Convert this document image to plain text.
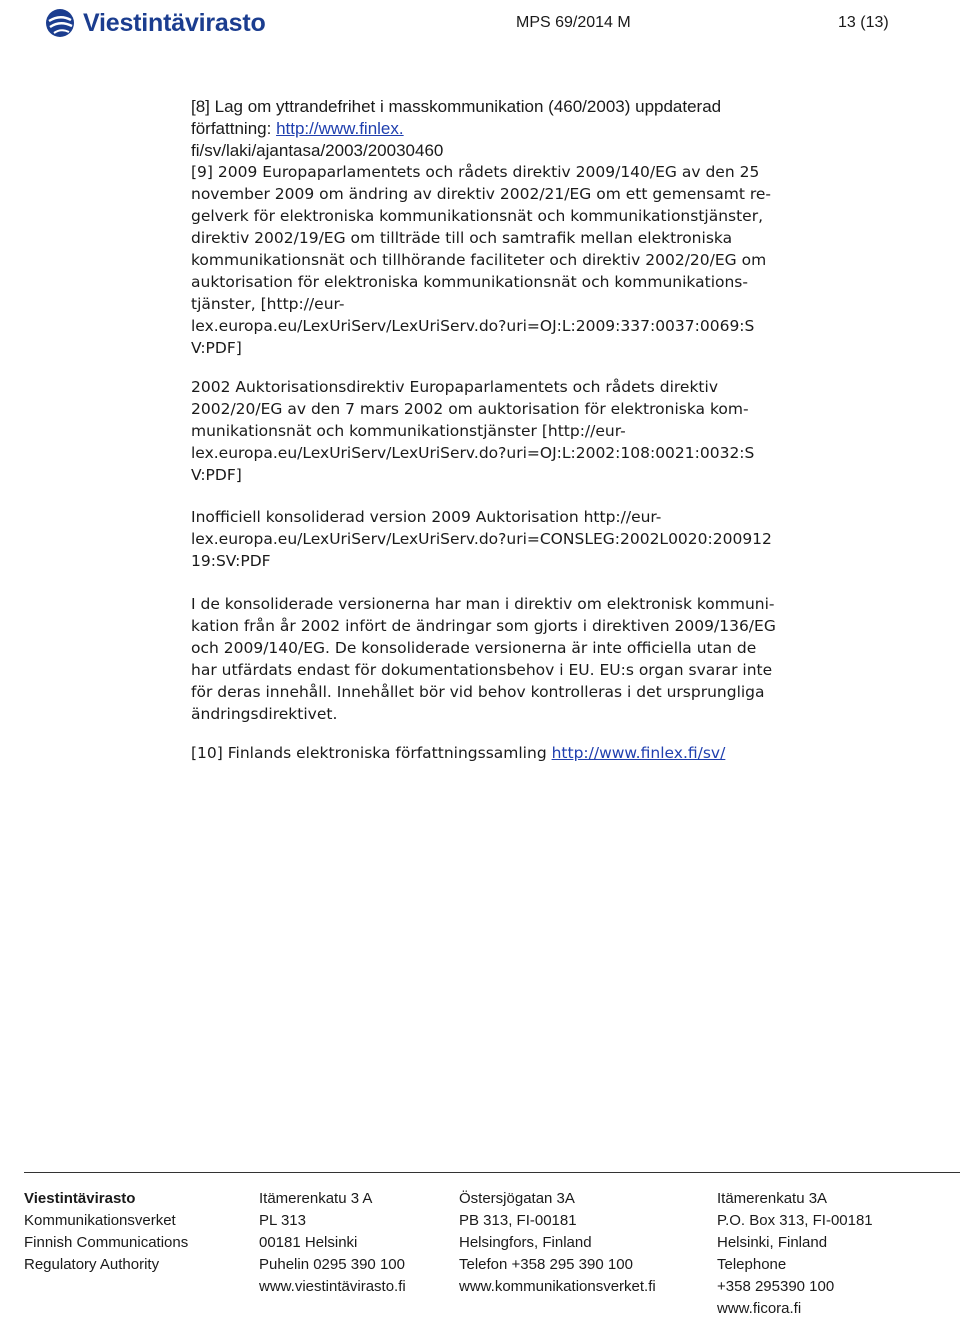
Viestintävirasto	MPS 69/2014 M	13 (13)
[8] Lag om yttrandefrihet i masskommunikation (460/2003) uppdaterad
författning: http://www.finlex.
fi/sv/laki/ajantasa/2003/20030460
[9] 2009 Europaparlamentets och rådets direktiv 2009/140/EG av den 25
november 2009 om ändring av direktiv 2002/21/EG om ett gemensamt re-
gelverk för elektroniska kommunikationsnät och kommunikationstjänster,
direktiv 2002/19/EG om tillträde till och samtrafik mellan elektroniska
kommunikationsnät och tillhörande faciliteter och direktiv 2002/20/EG om
auktorisation för elektroniska kommunikationsnät och kommunikations-
tjänster, [http://eur-
lex.europa.eu/LexUriServ/LexUriServ.do?uri=OJ:L:2009:337:0037:0069:S
V:PDF]
2002 Auktorisationsdirektiv Europaparlamentets och rådets direktiv
2002/20/EG av den 7 mars 2002 om auktorisation för elektroniska kom-
munikationsnät och kommunikationstjänster [http://eur-
lex.europa.eu/LexUriServ/LexUriServ.do?uri=OJ:L:2002:108:0021:0032:S
V:PDF]
Inofficiell konsoliderad version 2009 Auktorisation http://eur-
lex.europa.eu/LexUriServ/LexUriServ.do?uri=CONSLEG:2002L0020:200912
19:SV:PDF
I de konsoliderade versionerna har man i direktiv om elektronisk kommuni-
kation från år 2002 infört de ändringar som gjorts i direktiven 2009/136/EG
och 2009/140/EG. De konsoliderade versionerna är inte officiella utan de
har utfärdats endast för dokumentationsbehov i EU. EU:s organ svarar inte
för deras innehåll. Innehållet bör vid behov kontrolleras i det ursprungliga
ändringsdirektivet.
[10] Finlands elektroniska författningssamling http://www.finlex.fi/sv/
Viestintävirasto
Kommunikationsverket
Finnish Communications
Regulatory Authority
Itämerenkatu 3 A
PL 313
00181 Helsinki
Puhelin 0295 390 100
www.viestintävirasto.fi
Östersjögatan 3A
PB 313, FI-00181
Helsingfors, Finland
Telefon +358 295 390 100
www.kommunikationsverket.fi
Itämerenkatu 3A
P.O. Box 313, FI-00181
Helsinki, Finland
Telephone
+358 295390 100
www.ficora.fi
